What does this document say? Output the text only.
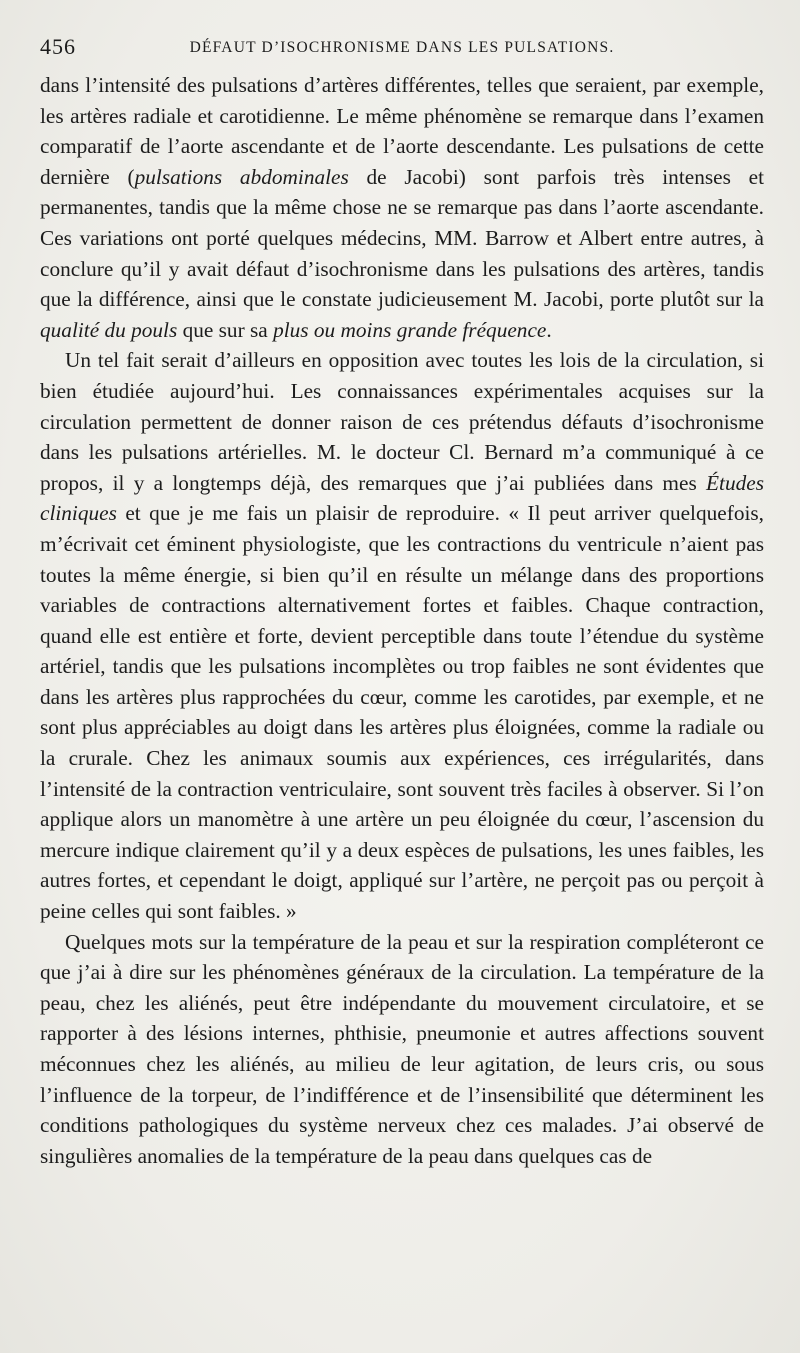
456	DÉFAUT D’ISOCHRONISME DANS LES PULSATIONS.

dans l’intensité des pulsations d’artères différentes, telles que seraient, par exemple, les artères radiale et carotidienne. Le même phénomène se remarque dans l’examen comparatif de l’aorte ascendante et de l’aorte descendante. Les pulsations de cette dernière (pulsations abdominales de Jacobi) sont parfois très intenses et permanentes, tandis que la même chose ne se remarque pas dans l’aorte ascendante. Ces variations ont porté quelques médecins, MM. Barrow et Albert entre autres, à conclure qu’il y avait défaut d’isochronisme dans les pulsations des artères, tandis que la différence, ainsi que le constate judicieusement M. Jacobi, porte plutôt sur la qualité du pouls que sur sa plus ou moins grande fréquence.

Un tel fait serait d’ailleurs en opposition avec toutes les lois de la circulation, si bien étudiée aujourd’hui. Les connaissances expérimentales acquises sur la circulation permettent de donner raison de ces prétendus défauts d’isochronisme dans les pulsations artérielles. M. le docteur Cl. Bernard m’a communiqué à ce propos, il y a longtemps déjà, des remarques que j’ai publiées dans mes Études cliniques et que je me fais un plaisir de reproduire. « Il peut arriver quelquefois, m’écrivait cet éminent physiologiste, que les contractions du ventricule n’aient pas toutes la même énergie, si bien qu’il en résulte un mélange dans des proportions variables de contractions alternativement fortes et faibles. Chaque contraction, quand elle est entière et forte, devient perceptible dans toute l’étendue du système artériel, tandis que les pulsations incomplètes ou trop faibles ne sont évidentes que dans les artères plus rapprochées du cœur, comme les carotides, par exemple, et ne sont plus appréciables au doigt dans les artères plus éloignées, comme la radiale ou la crurale. Chez les animaux soumis aux expériences, ces irrégularités, dans l’intensité de la contraction ventriculaire, sont souvent très faciles à observer. Si l’on applique alors un manomètre à une artère un peu éloignée du cœur, l’ascension du mercure indique clairement qu’il y a deux espèces de pulsations, les unes faibles, les autres fortes, et cependant le doigt, appliqué sur l’artère, ne perçoit pas ou perçoit à peine celles qui sont faibles. »

Quelques mots sur la température de la peau et sur la respiration compléteront ce que j’ai à dire sur les phénomènes généraux de la circulation. La température de la peau, chez les aliénés, peut être indépendante du mouvement circulatoire, et se rapporter à des lésions internes, phthisie, pneumonie et autres affections souvent méconnues chez les aliénés, au milieu de leur agitation, de leurs cris, ou sous l’influence de la torpeur, de l’indifférence et de l’insensibilité que déterminent les conditions pathologiques du système nerveux chez ces malades. J’ai observé de singulières anomalies de la température de la peau dans quelques cas de
